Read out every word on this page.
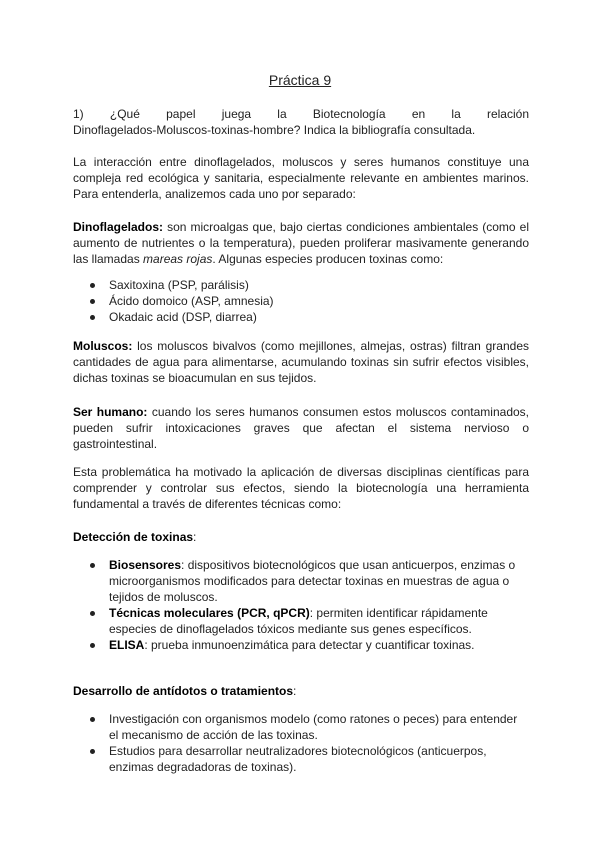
Práctica 9
1) ¿Qué papel juega la Biotecnología en la relación
Dinoflagelados-Moluscos-toxinas-hombre? Indica la bibliografía consultada.
La interacción entre dinoflagelados, moluscos y seres humanos constituye una compleja red ecológica y sanitaria, especialmente relevante en ambientes marinos. Para entenderla, analizemos cada uno por separado:
Dinoflagelados: son microalgas que, bajo ciertas condiciones ambientales (como el aumento de nutrientes o la temperatura), pueden proliferar masivamente generando las llamadas mareas rojas. Algunas especies producen toxinas como:
Saxitoxina (PSP, parálisis)
Ácido domoico (ASP, amnesia)
Okadaic acid (DSP, diarrea)
Moluscos: los moluscos bivalvos (como mejillones, almejas, ostras) filtran grandes cantidades de agua para alimentarse, acumulando toxinas sin sufrir efectos visibles, dichas toxinas se bioacumulan en sus tejidos.
Ser humano: cuando los seres humanos consumen estos moluscos contaminados, pueden sufrir intoxicaciones graves que afectan el sistema nervioso o gastrointestinal.
Esta problemática ha motivado la aplicación de diversas disciplinas científicas para comprender y controlar sus efectos, siendo la biotecnología una herramienta fundamental a través de diferentes técnicas como:
Detección de toxinas:
Biosensores: dispositivos biotecnológicos que usan anticuerpos, enzimas o microorganismos modificados para detectar toxinas en muestras de agua o tejidos de moluscos.
Técnicas moleculares (PCR, qPCR): permiten identificar rápidamente especies de dinoflagelados tóxicos mediante sus genes específicos.
ELISA: prueba inmunoenzimática para detectar y cuantificar toxinas.
Desarrollo de antídotos o tratamientos:
Investigación con organismos modelo (como ratones o peces) para entender el mecanismo de acción de las toxinas.
Estudios para desarrollar neutralizadores biotecnológicos (anticuerpos, enzimas degradadoras de toxinas).
